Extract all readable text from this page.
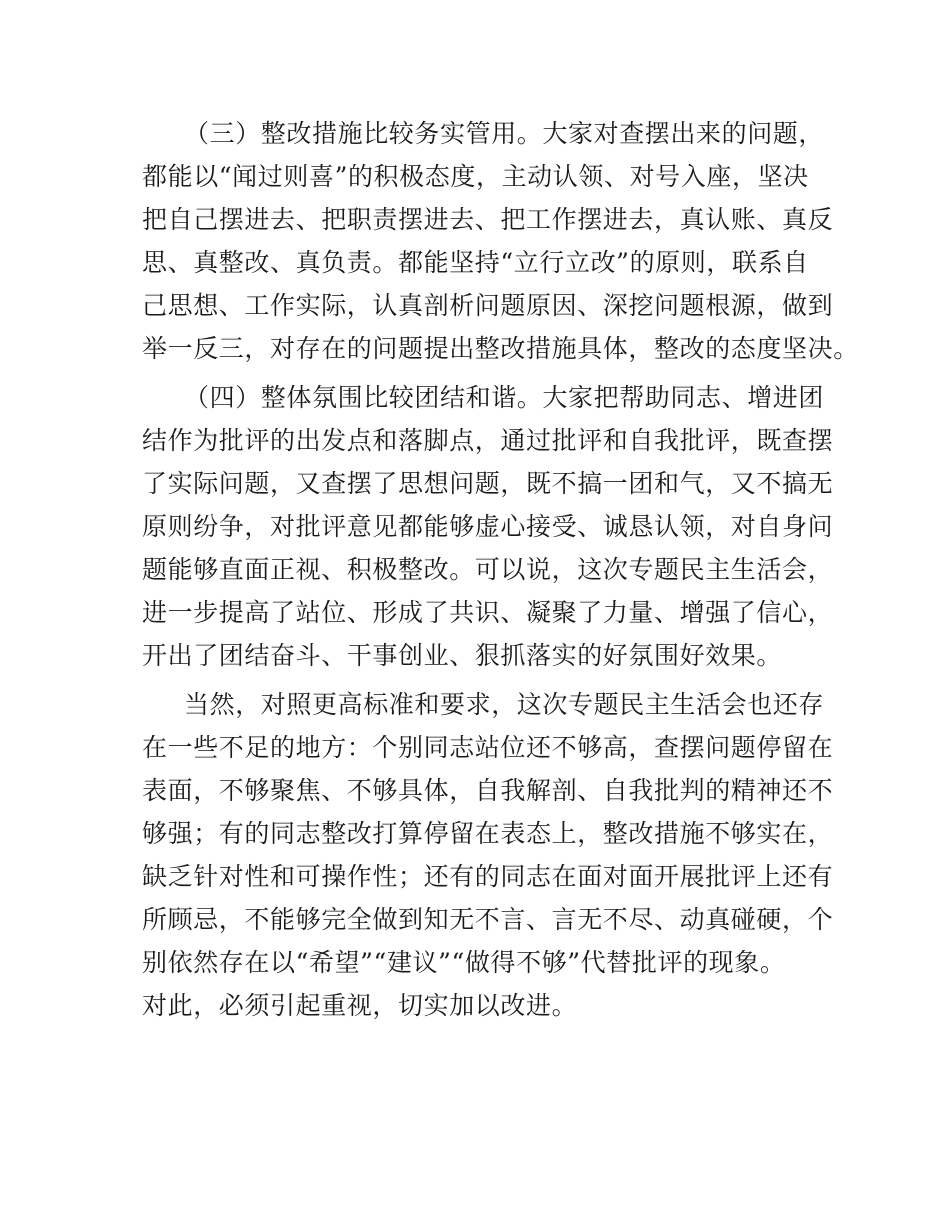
（三）整改措施比较务实管用。大家对查摆出来的问题，
都能以“闻过则喜”的积极态度，主动认领、对号入座，坚决
把自己摆进去、把职责摆进去、把工作摆进去，真认账、真反
思、真整改、真负责。都能坚持“立行立改”的原则，联系自
己思想、工作实际，认真剖析问题原因、深挖问题根源，做到
举一反三，对存在的问题提出整改措施具体，整改的态度坚决。
（四）整体氛围比较团结和谐。大家把帮助同志、增进团
结作为批评的出发点和落脚点，通过批评和自我批评，既查摆
了实际问题，又查摆了思想问题，既不搞一团和气，又不搞无
原则纷争，对批评意见都能够虚心接受、诚恳认领，对自身问
题能够直面正视、积极整改。可以说，这次专题民主生活会，
进一步提高了站位、形成了共识、凝聚了力量、增强了信心，
开出了团结奋斗、干事创业、狠抓落实的好氛围好效果。
当然，对照更高标准和要求，这次专题民主生活会也还存
在一些不足的地方：个别同志站位还不够高，查摆问题停留在
表面，不够聚焦、不够具体，自我解剖、自我批判的精神还不
够强；有的同志整改打算停留在表态上，整改措施不够实在，
缺乏针对性和可操作性；还有的同志在面对面开展批评上还有
所顾忌，不能够完全做到知无不言、言无不尽、动真碰硬，个
别依然存在以“希望”“建议”“做得不够”代替批评的现象。
对此，必须引起重视，切实加以改进。
